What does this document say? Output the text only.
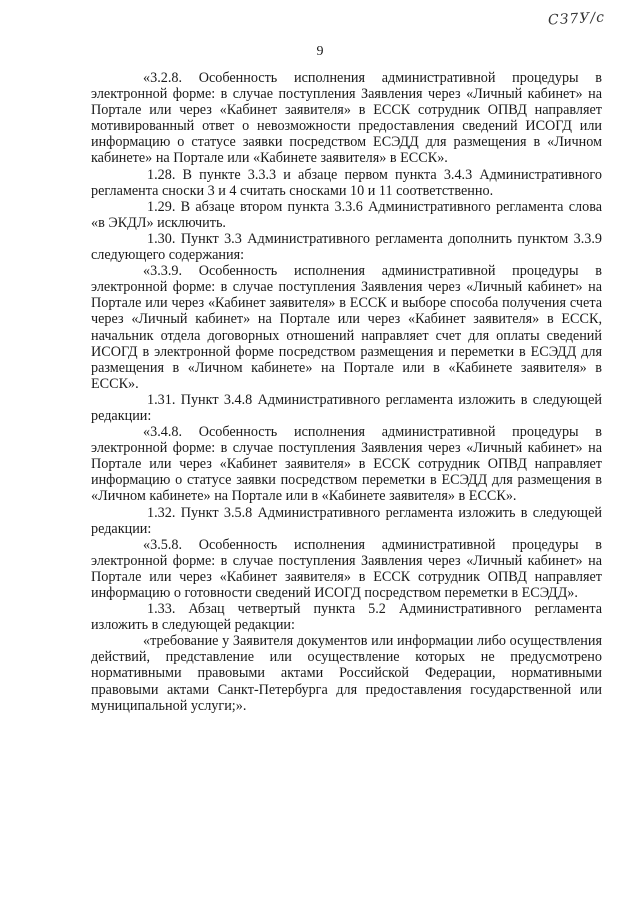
СЗ7У/с
9

«3.2.8. Особенность исполнения административной процедуры в электронной форме: в случае поступления Заявления через «Личный кабинет» на Портале или через «Кабинет заявителя» в ЕССК сотрудник ОПВД направляет мотивированный ответ о невозможности предоставления сведений ИСОГД или информацию о статусе заявки посредством ЕСЭДД для размещения в «Личном кабинете» на Портале или «Кабинете заявителя» в ЕССК».

1.28. В пункте 3.3.3 и абзаце первом пункта 3.4.3 Административного регламента сноски 3 и 4 считать сносками 10 и 11 соответственно.

1.29. В абзаце втором пункта 3.3.6 Административного регламента слова «в ЭКДЛ» исключить.

1.30. Пункт 3.3 Административного регламента дополнить пунктом 3.3.9 следующего содержания:

«3.3.9. Особенность исполнения административной процедуры в электронной форме: в случае поступления Заявления через «Личный кабинет» на Портале или через «Кабинет заявителя» в ЕССК и выборе способа получения счета через «Личный кабинет» на Портале или через «Кабинет заявителя» в ЕССК, начальник отдела договорных отношений направляет счет для оплаты сведений ИСОГД в электронной форме посредством размещения и переметки в ЕСЭДД для размещения в «Личном кабинете» на Портале или в «Кабинете заявителя» в ЕССК».

1.31. Пункт 3.4.8 Административного регламента изложить в следующей редакции:

«3.4.8. Особенность исполнения административной процедуры в электронной форме: в случае поступления Заявления через «Личный кабинет» на Портале или через «Кабинет заявителя» в ЕССК сотрудник ОПВД направляет информацию о статусе заявки посредством переметки в ЕСЭДД для размещения в «Личном кабинете» на Портале или в «Кабинете заявителя» в ЕССК».

1.32. Пункт 3.5.8 Административного регламента изложить в следующей редакции:

«3.5.8. Особенность исполнения административной процедуры в электронной форме: в случае поступления Заявления через «Личный кабинет» на Портале или через «Кабинет заявителя» в ЕССК сотрудник ОПВД направляет информацию о готовности сведений ИСОГД посредством переметки в ЕСЭДД».

1.33. Абзац четвертый пункта 5.2 Административного регламента изложить в следующей редакции:

«требование у Заявителя документов или информации либо осуществления действий, представление или осуществление которых не предусмотрено нормативными правовыми актами Российской Федерации, нормативными правовыми актами Санкт-Петербурга для предоставления государственной или муниципальной услуги;».
